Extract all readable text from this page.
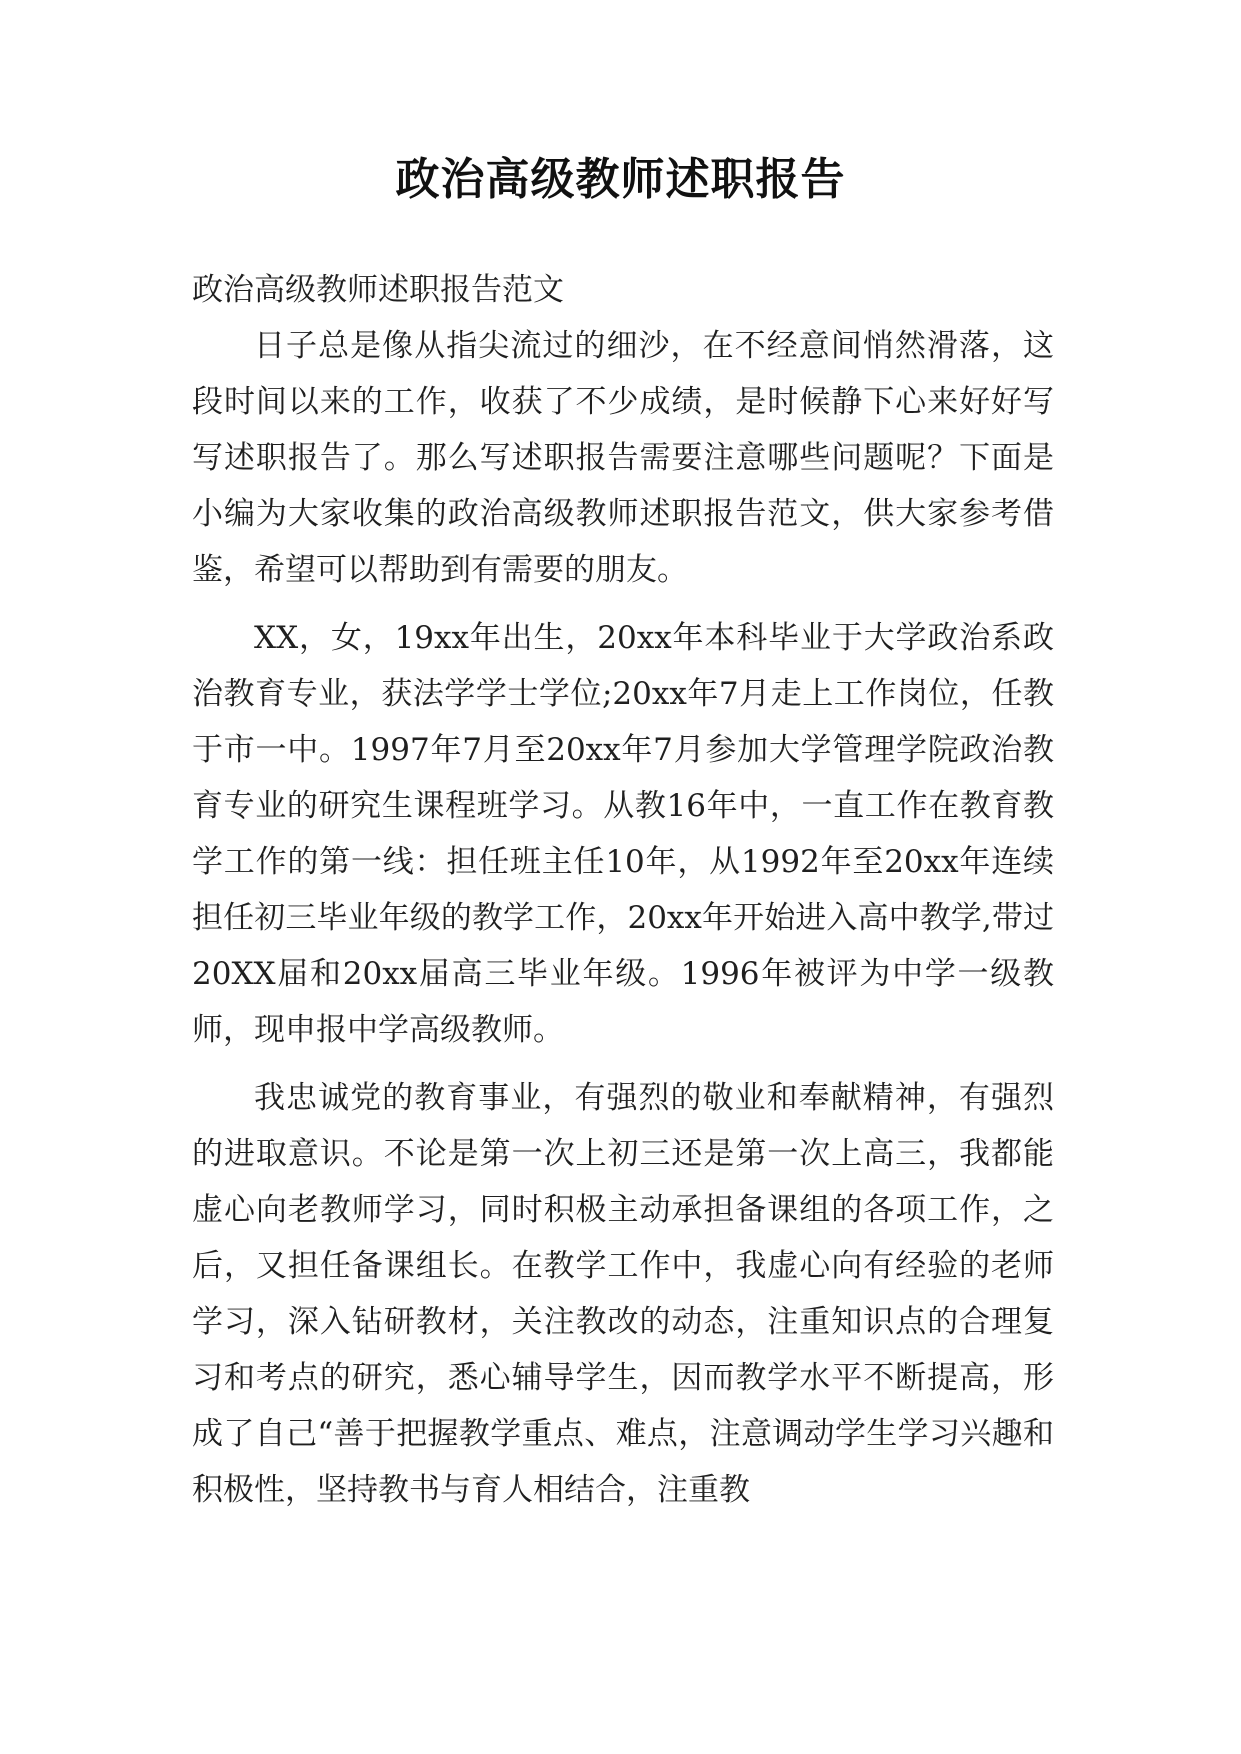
政治高级教师述职报告

政治高级教师述职报告范文

日子总是像从指尖流过的细沙，在不经意间悄然滑落，这段时间以来的工作，收获了不少成绩，是时候静下心来好好写写述职报告了。那么写述职报告需要注意哪些问题呢？下面是小编为大家收集的政治高级教师述职报告范文，供大家参考借鉴，希望可以帮助到有需要的朋友。

XX，女，19xx年出生，20xx年本科毕业于大学政治系政治教育专业，获法学学士学位;20xx年7月走上工作岗位，任教于市一中。1997年7月至20xx年7月参加大学管理学院政治教育专业的研究生课程班学习。从教16年中，一直工作在教育教学工作的第一线：担任班主任10年，从1992年至20xx年连续担任初三毕业年级的教学工作，20xx年开始进入高中教学,带过20XX届和20xx届高三毕业年级。1996年被评为中学一级教师，现申报中学高级教师。

我忠诚党的教育事业，有强烈的敬业和奉献精神，有强烈的进取意识。不论是第一次上初三还是第一次上高三，我都能虚心向老教师学习，同时积极主动承担备课组的各项工作，之后，又担任备课组长。在教学工作中，我虚心向有经验的老师学习，深入钻研教材，关注教改的动态，注重知识点的合理复习和考点的研究，悉心辅导学生，因而教学水平不断提高，形成了自己“善于把握教学重点、难点，注意调动学生学习兴趣和积极性，坚持教书与育人相结合，注重教
